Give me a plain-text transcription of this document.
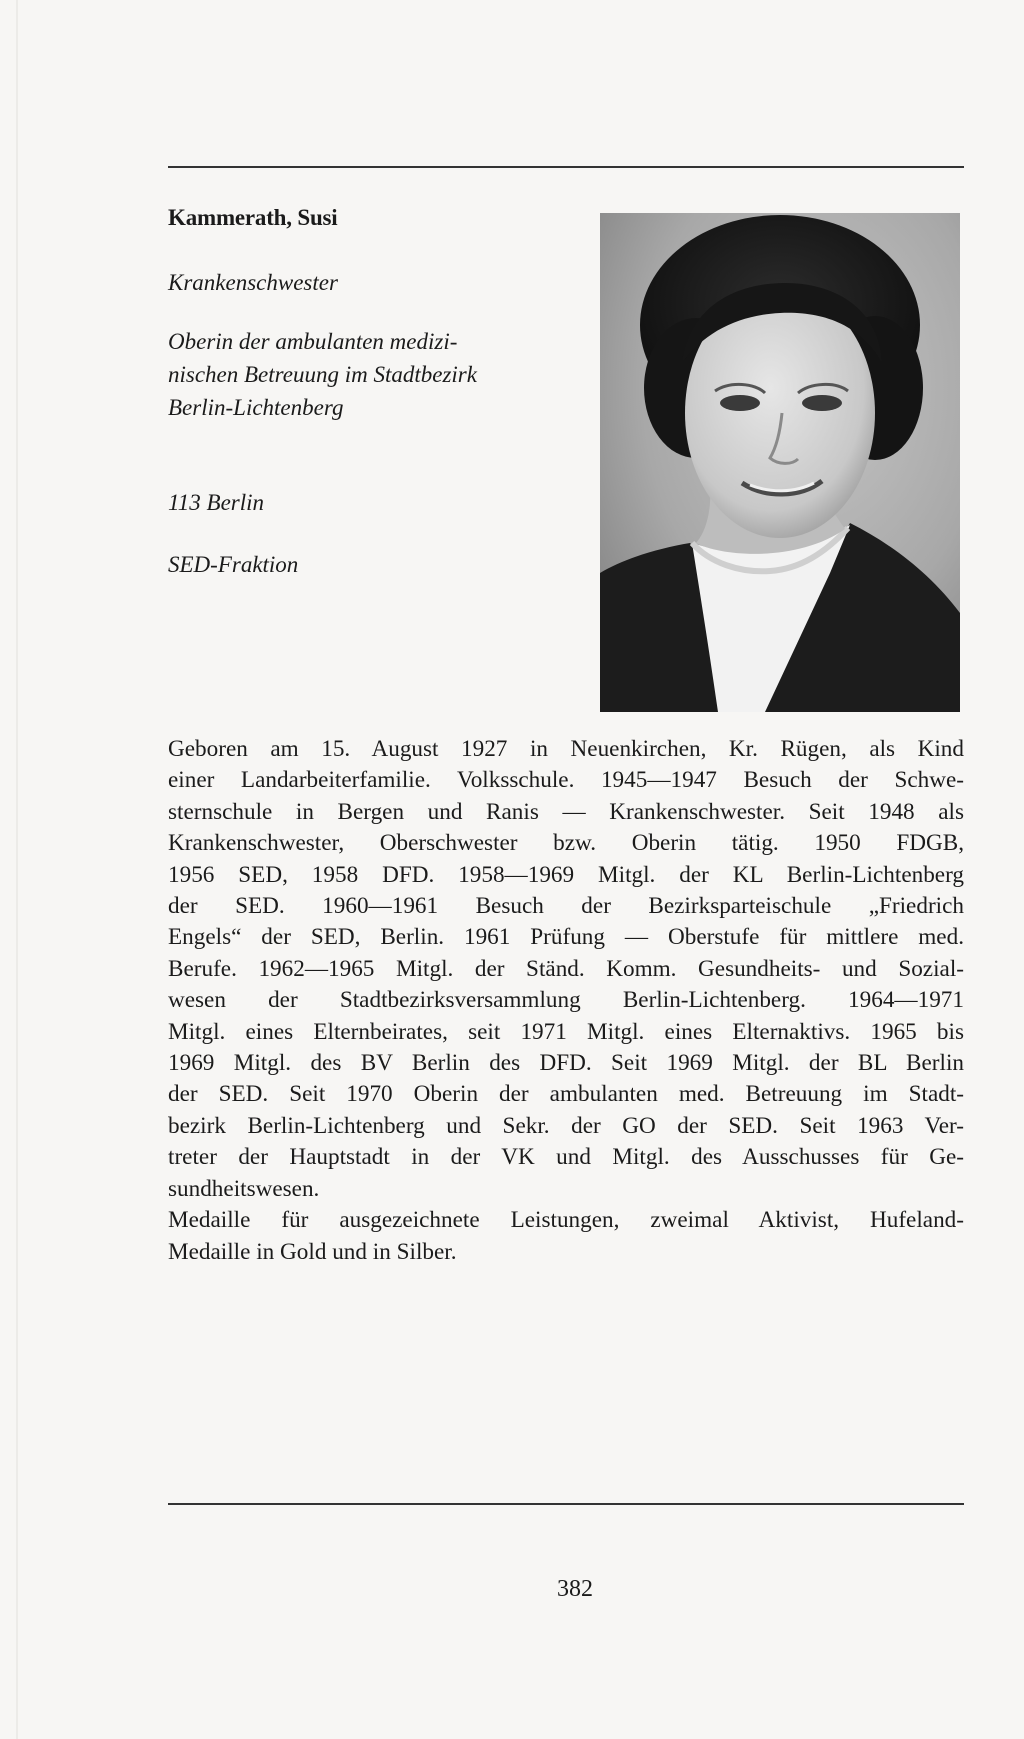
Kammerath, Susi
Krankenschwester
Oberin der ambulanten medizi-
nischen Betreuung im Stadtbezirk
Berlin-Lichtenberg
113 Berlin
SED-Fraktion
Geboren am 15. August 1927 in Neuenkirchen, Kr. Rügen, als Kind
einer Landarbeiterfamilie. Volksschule. 1945—1947 Besuch der Schwe-
sternschule in Bergen und Ranis — Krankenschwester. Seit 1948 als
Krankenschwester, Oberschwester bzw. Oberin tätig. 1950 FDGB,
1956 SED, 1958 DFD. 1958—1969 Mitgl. der KL Berlin-Lichtenberg
der SED. 1960—1961 Besuch der Bezirksparteischule „Friedrich
Engels“ der SED, Berlin. 1961 Prüfung — Oberstufe für mittlere med.
Berufe. 1962—1965 Mitgl. der Ständ. Komm. Gesundheits- und Sozial-
wesen der Stadtbezirksversammlung Berlin-Lichtenberg. 1964—1971
Mitgl. eines Elternbeirates, seit 1971 Mitgl. eines Elternaktivs. 1965 bis
1969 Mitgl. des BV Berlin des DFD. Seit 1969 Mitgl. der BL Berlin
der SED. Seit 1970 Oberin der ambulanten med. Betreuung im Stadt-
bezirk Berlin-Lichtenberg und Sekr. der GO der SED. Seit 1963 Ver-
treter der Hauptstadt in der VK und Mitgl. des Ausschusses für Ge-
sundheitswesen.
Medaille für ausgezeichnete Leistungen, zweimal Aktivist, Hufeland-
Medaille in Gold und in Silber.
382
